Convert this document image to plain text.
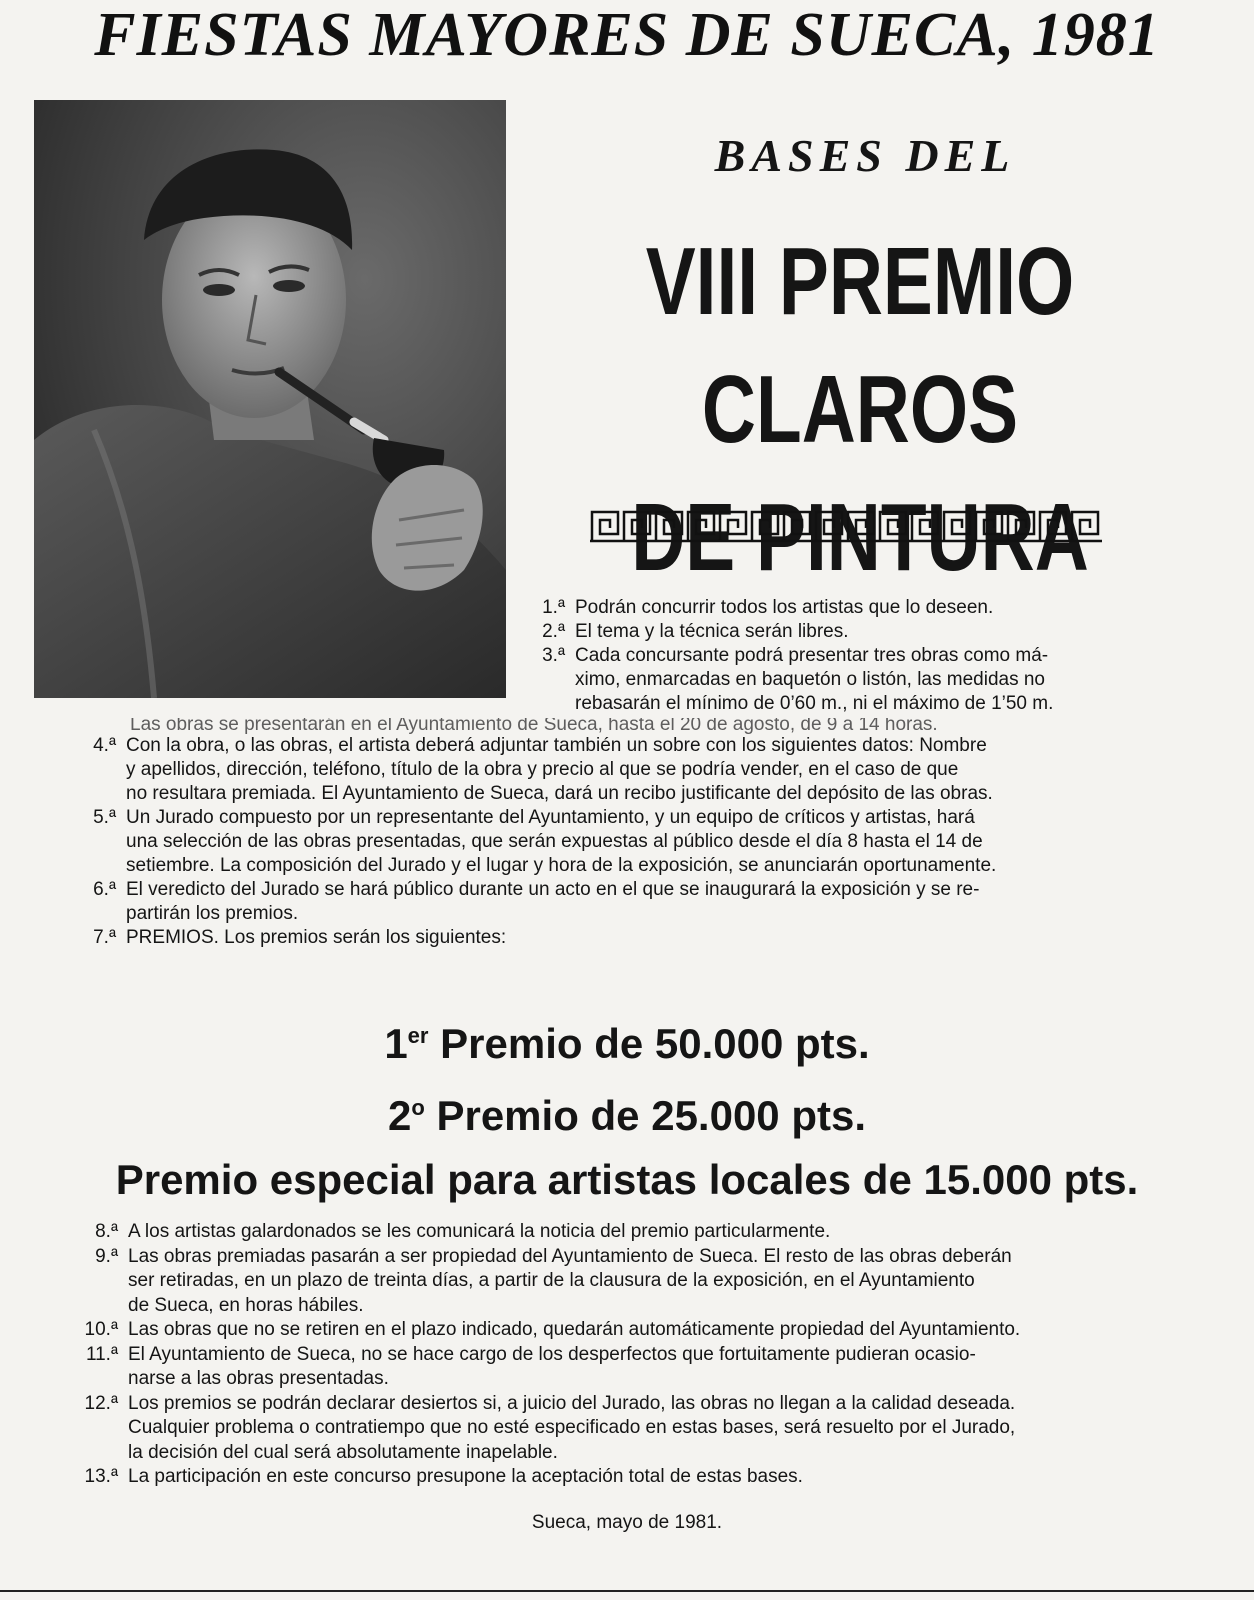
FIESTAS MAYORES DE SUECA, 1981
BASES DEL
VIII PREMIO CLAROS
DE PINTURA
1.ª Podrán concurrir todos los artistas que lo deseen.
2.ª El tema y la técnica serán libres.
3.ª Cada concursante podrá presentar tres obras como má-
ximo, enmarcadas en baquetón o listón, las medidas no
rebasarán el mínimo de 0’60 m., ni el máximo de 1’50 m.
Las obras se presentarán en el Ayuntamiento de Sueca, hasta el 20 de agosto, de 9 a 14 horas.
4.ª Con la obra, o las obras, el artista deberá adjuntar también un sobre con los siguientes datos: Nombre
y apellidos, dirección, teléfono, título de la obra y precio al que se podría vender, en el caso de que
no resultara premiada. El Ayuntamiento de Sueca, dará un recibo justificante del depósito de las obras.
5.ª Un Jurado compuesto por un representante del Ayuntamiento, y un equipo de críticos y artistas, hará
una selección de las obras presentadas, que serán expuestas al público desde el día 8 hasta el 14 de
setiembre. La composición del Jurado y el lugar y hora de la exposición, se anunciarán oportunamente.
6.ª El veredicto del Jurado se hará público durante un acto en el que se inaugurará la exposición y se re-
partirán los premios.
7.ª PREMIOS. Los premios serán los siguientes:
1er Premio de 50.000 pts.
2$^o$ Premio de 25.000 pts.
Premio especial para artistas locales de 15.000 pts.
8.ª A los artistas galardonados se les comunicará la noticia del premio particularmente.
9.ª Las obras premiadas pasarán a ser propiedad del Ayuntamiento de Sueca. El resto de las obras deberán
ser retiradas, en un plazo de treinta días, a partir de la clausura de la exposición, en el Ayuntamiento
de Sueca, en horas hábiles.
10.ª Las obras que no se retiren en el plazo indicado, quedarán automáticamente propiedad del Ayuntamiento.
11.ª El Ayuntamiento de Sueca, no se hace cargo de los desperfectos que fortuitamente pudieran ocasio-
narse a las obras presentadas.
12.ª Los premios se podrán declarar desiertos si, a juicio del Jurado, las obras no llegan a la calidad deseada.
Cualquier problema o contratiempo que no esté especificado en estas bases, será resuelto por el Jurado,
la decisión del cual será absolutamente inapelable.
13.ª La participación en este concurso presupone la aceptación total de estas bases.
Sueca, mayo de 1981.
